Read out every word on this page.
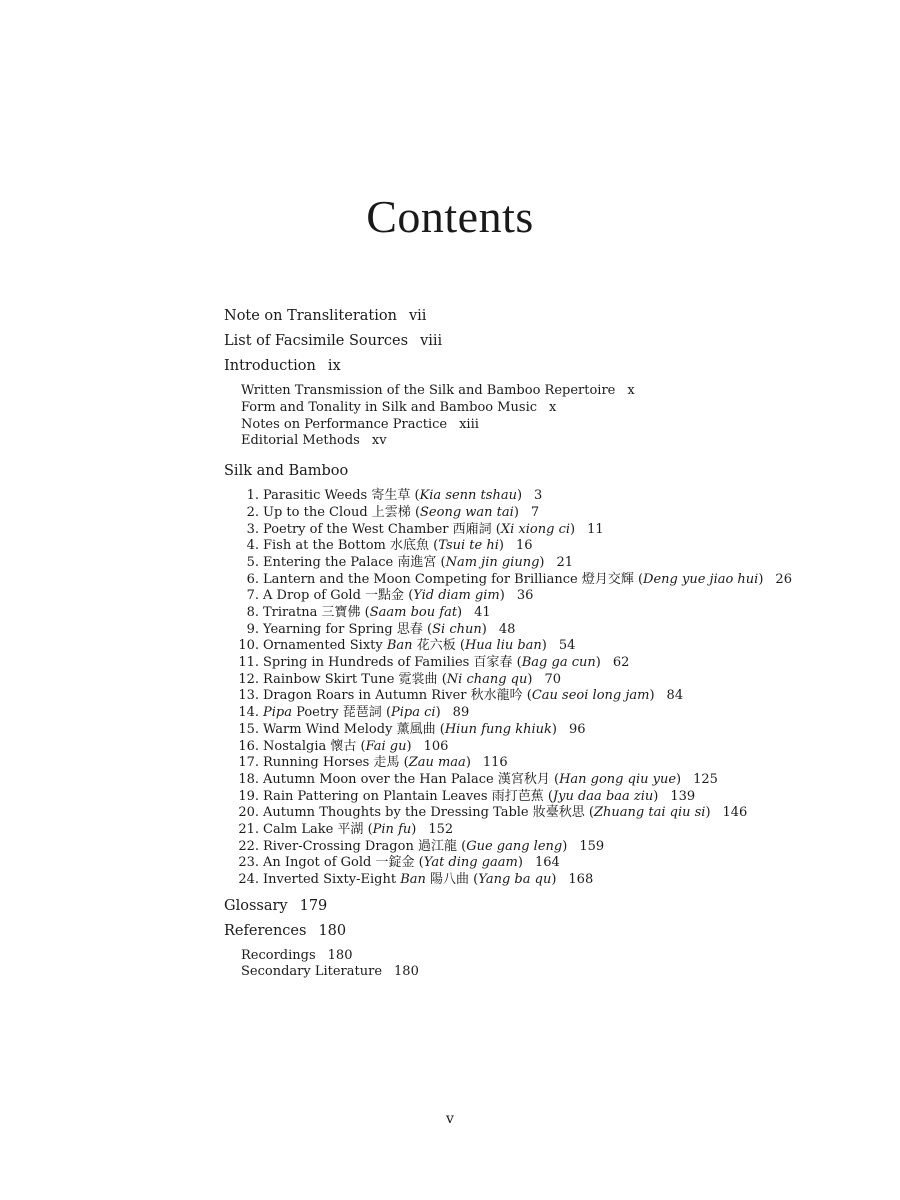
Contents
Note on Transliteration vii
List of Facsimile Sources viii
Introduction ix
Written Transmission of the Silk and Bamboo Repertoire x
Form and Tonality in Silk and Bamboo Music x
Notes on Performance Practice xiii
Editorial Methods xv
Silk and Bamboo
1. Parasitic Weeds 寄生草 (Kia senn tshau) 3
2. Up to the Cloud 上雲梯 (Seong wan tai) 7
3. Poetry of the West Chamber 西廂詞 (Xi xiong ci) 11
4. Fish at the Bottom 水底魚 (Tsui te hi) 16
5. Entering the Palace 南進宮 (Nam jin giung) 21
6. Lantern and the Moon Competing for Brilliance 燈月交輝 (Deng yue jiao hui) 26
7. A Drop of Gold 一點金 (Yid diam gim) 36
8. Triratna 三寶佛 (Saam bou fat) 41
9. Yearning for Spring 思春 (Si chun) 48
10. Ornamented Sixty Ban 花六板 (Hua liu ban) 54
11. Spring in Hundreds of Families 百家春 (Bag ga cun) 62
12. Rainbow Skirt Tune 霓裳曲 (Ni chang qu) 70
13. Dragon Roars in Autumn River 秋水龍吟 (Cau seoi long jam) 84
14. Pipa Poetry 琵琶詞 (Pipa ci) 89
15. Warm Wind Melody 薰風曲 (Hiun fung khiuk) 96
16. Nostalgia 懷古 (Fai gu) 106
17. Running Horses 走馬 (Zau maa) 116
18. Autumn Moon over the Han Palace 漢宮秋月 (Han gong qiu yue) 125
19. Rain Pattering on Plantain Leaves 雨打芭蕉 (Jyu daa baa ziu) 139
20. Autumn Thoughts by the Dressing Table 妝臺秋思 (Zhuang tai qiu si) 146
21. Calm Lake 平湖 (Pin fu) 152
22. River-Crossing Dragon 過江龍 (Gue gang leng) 159
23. An Ingot of Gold 一錠金 (Yat ding gaam) 164
24. Inverted Sixty-Eight Ban 陽八曲 (Yang ba qu) 168
Glossary 179
References 180
Recordings 180
Secondary Literature 180
v
